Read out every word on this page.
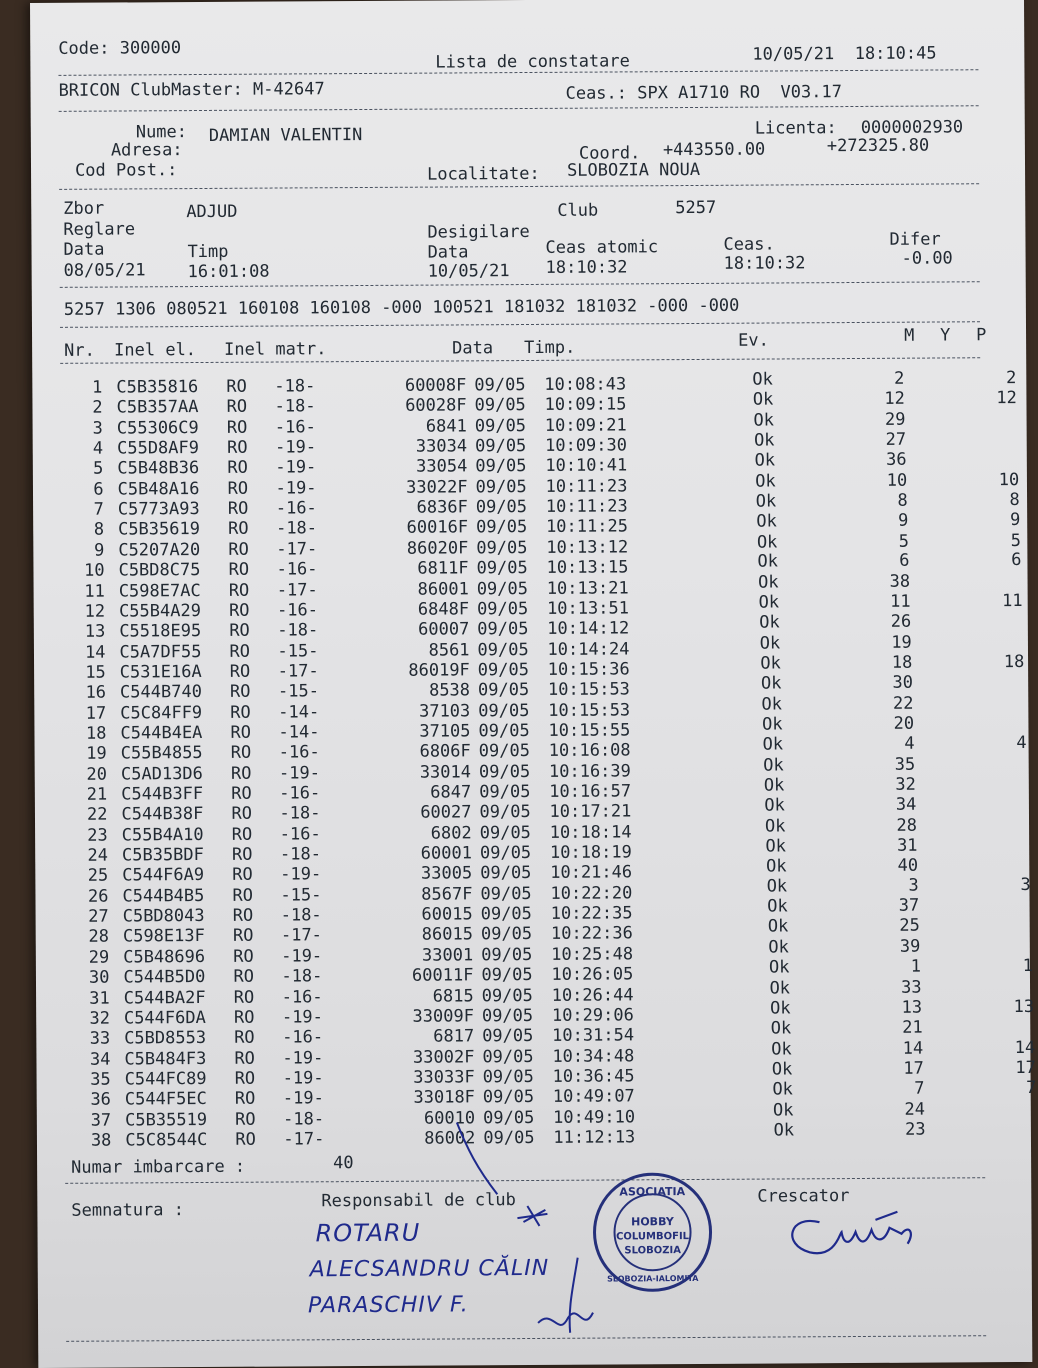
Code: 300000
Lista de constatare	10/05/21  18:10:45
BRICON ClubMaster: M-42647	Ceas.: SPX A1710 RO  V03.17
Nume: DAMIAN VALENTIN	Licenta: 0000002930
Adresa:	Coord. +443550.00	+272325.80
Cod Post.:	Localitate: SLOBOZIA NOUA
Zbor	ADJUD	Club	5257
Reglare	Desigilare
Data	Timp	Data	Ceas atomic	Ceas.	Difer
08/05/21 16:01:08	10/05/21 18:10:32	18:10:32	-0.00
5257 1306 080521 160108 160108 -000 100521 181032 181032 -000 -000
Nr. Inel el. Inel matr.	Data Timp.	Ev.	M Y P
1 C5B35816 RO -18-	60008F 09/05 10:08:43	Ok	2	2
2 C5B357AA RO -18-	60028F 09/05 10:09:15	Ok	12	12
3 C55306C9 RO -16-	6841 09/05 10:09:21	Ok	29
4 C55D8AF9 RO -19-	33034 09/05 10:09:30	Ok	27
5 C5B48B36 RO -19-	33054 09/05 10:10:41	Ok	36
6 C5B48A16 RO -19-	33022F 09/05 10:11:23	Ok	10	10
7 C5773A93 RO -16-	6836F 09/05 10:11:23	Ok	8	8
8 C5B35619 RO -18-	60016F 09/05 10:11:25	Ok	9	9
9 C5207A20 RO -17-	86020F 09/05 10:13:12	Ok	5	5
10 C5BD8C75 RO -16-	6811F 09/05 10:13:15	Ok	6	6
11 C598E7AC RO -17-	86001 09/05 10:13:21	Ok	38
12 C55B4A29 RO -16-	6848F 09/05 10:13:51	Ok	11	11
13 C5518E95 RO -18-	60007 09/05 10:14:12	Ok	26
14 C5A7DF55 RO -15-	8561 09/05 10:14:24	Ok	19
15 C531E16A RO -17-	86019F 09/05 10:15:36	Ok	18	18
16 C544B740 RO -15-	8538 09/05 10:15:53	Ok	30
17 C5C84FF9 RO -14-	37103 09/05 10:15:53	Ok	22
18 C544B4EA RO -14-	37105 09/05 10:15:55	Ok	20
19 C55B4855 RO -16-	6806F 09/05 10:16:08	Ok	4	4
20 C5AD13D6 RO -19-	33014 09/05 10:16:39	Ok	35
21 C544B3FF RO -16-	6847 09/05 10:16:57	Ok	32
22 C544B38F RO -18-	60027 09/05 10:17:21	Ok	34
23 C55B4A10 RO -16-	6802 09/05 10:18:14	Ok	28
24 C5B35BDF RO -18-	60001 09/05 10:18:19	Ok	31
25 C544F6A9 RO -19-	33005 09/05 10:21:46	Ok	40
26 C544B4B5 RO -15-	8567F 09/05 10:22:20	Ok	3	3
27 C5BD8043 RO -18-	60015 09/05 10:22:35	Ok	37
28 C598E13F RO -17-	86015 09/05 10:22:36	Ok	25
29 C5B48696 RO -19-	33001 09/05 10:25:48	Ok	39
30 C544B5D0 RO -18-	60011F 09/05 10:26:05	Ok	1	1
31 C544BA2F RO -16-	6815 09/05 10:26:44	Ok	33
32 C544F6DA RO -19-	33009F 09/05 10:29:06	Ok	13	13
33 C5BD8553 RO -16-	6817 09/05 10:31:54	Ok	21
34 C5B484F3 RO -19-	33002F 09/05 10:34:48	Ok	14	14
35 C544FC89 RO -19-	33033F 09/05 10:36:45	Ok	17	17
36 C544F5EC RO -19-	33018F 09/05 10:49:07	Ok	7	7
37 C5B35519 RO -18-	60010 09/05 10:49:10	Ok	24
38 C5C8544C RO -17-	86002 09/05 11:12:13	Ok	23
Numar imbarcare :	40
Semnatura :	Responsabil de club	Crescator
ROTARU
ALECSANDRU CĂLIN
PARASCHIV F.
ASOCIATIA
HOBBY
COLUMBOFIL
SLOBOZIA
SLOBOZIA-IALOMITA
